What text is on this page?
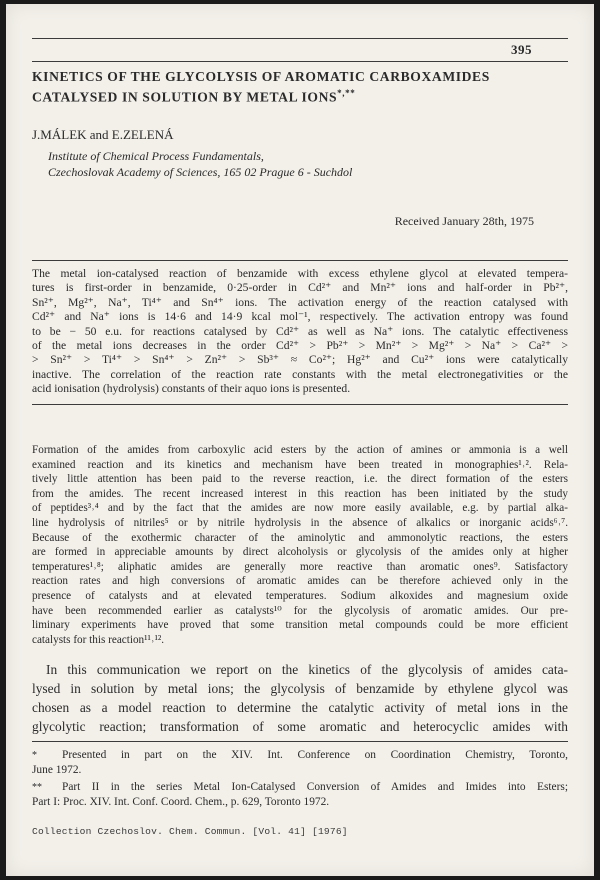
395
KINETICS OF THE GLYCOLYSIS OF AROMATIC CARBOXAMIDES
CATALYSED IN SOLUTION BY METAL IONS*,**
J.MÁLEK and E.ZELENÁ
Institute of Chemical Process Fundamentals,
Czechoslovak Academy of Sciences, 165 02 Prague 6 - Suchdol
Received January 28th, 1975
The metal ion-catalysed reaction of benzamide with excess ethylene glycol at elevated tempera-
tures is first-order in benzamide, 0·25-order in Cd²⁺ and Mn²⁺ ions and half-order in Pb²⁺,
Sn²⁺, Mg²⁺, Na⁺, Ti⁴⁺ and Sn⁴⁺ ions. The activation energy of the reaction catalysed with
Cd²⁺ and Na⁺ ions is 14·6 and 14·9 kcal mol⁻¹, respectively. The activation entropy was found
to be − 50 e.u. for reactions catalysed by Cd²⁺ as well as Na⁺ ions. The catalytic effectiveness
of the metal ions decreases in the order Cd²⁺ > Pb²⁺ > Mn²⁺ > Mg²⁺ > Na⁺ > Ca²⁺ >
> Sn²⁺ > Ti⁴⁺ > Sn⁴⁺ > Zn²⁺ > Sb³⁺ ≈ Co²⁺; Hg²⁺ and Cu²⁺ ions were catalytically
inactive. The correlation of the reaction rate constants with the metal electronegativities or the
acid ionisation (hydrolysis) constants of their aquo ions is presented.
Formation of the amides from carboxylic acid esters by the action of amines or ammonia is a well
examined reaction and its kinetics and mechanism have been treated in monographies¹˒². Rela-
tively little attention has been paid to the reverse reaction, i.e. the direct formation of the esters
from the amides. The recent increased interest in this reaction has been initiated by the study
of peptides³˒⁴ and by the fact that the amides are now more easily available, e.g. by partial alka-
line hydrolysis of nitriles⁵ or by nitrile hydrolysis in the absence of alkalics or inorganic acids⁶˒⁷.
Because of the exothermic character of the aminolytic and ammonolytic reactions, the esters
are formed in appreciable amounts by direct alcoholysis or glycolysis of the amides only at higher
temperatures¹˒⁸; aliphatic amides are generally more reactive than aromatic ones⁹. Satisfactory
reaction rates and high conversions of aromatic amides can be therefore achieved only in the
presence of catalysts and at elevated temperatures. Sodium alkoxides and magnesium oxide
have been recommended earlier as catalysts¹⁰ for the glycolysis of aromatic amides. Our pre-
liminary experiments have proved that some transition metal compounds could be more efficient
catalysts for this reaction¹¹˒¹².
In this communication we report on the kinetics of the glycolysis of amides cata-
lysed in solution by metal ions; the glycolysis of benzamide by ethylene glycol was
chosen as a model reaction to determine the catalytic activity of metal ions in the
glycolytic reaction; transformation of some aromatic and heterocyclic amides with
* Presented in part on the XIV. Int. Conference on Coordination Chemistry, Toronto,
June 1972.
** Part II in the series Metal Ion-Catalysed Conversion of Amides and Imides into Esters;
Part I: Proc. XIV. Int. Conf. Coord. Chem., p. 629, Toronto 1972.
Collection Czechoslov. Chem. Commun. [Vol. 41] [1976]
